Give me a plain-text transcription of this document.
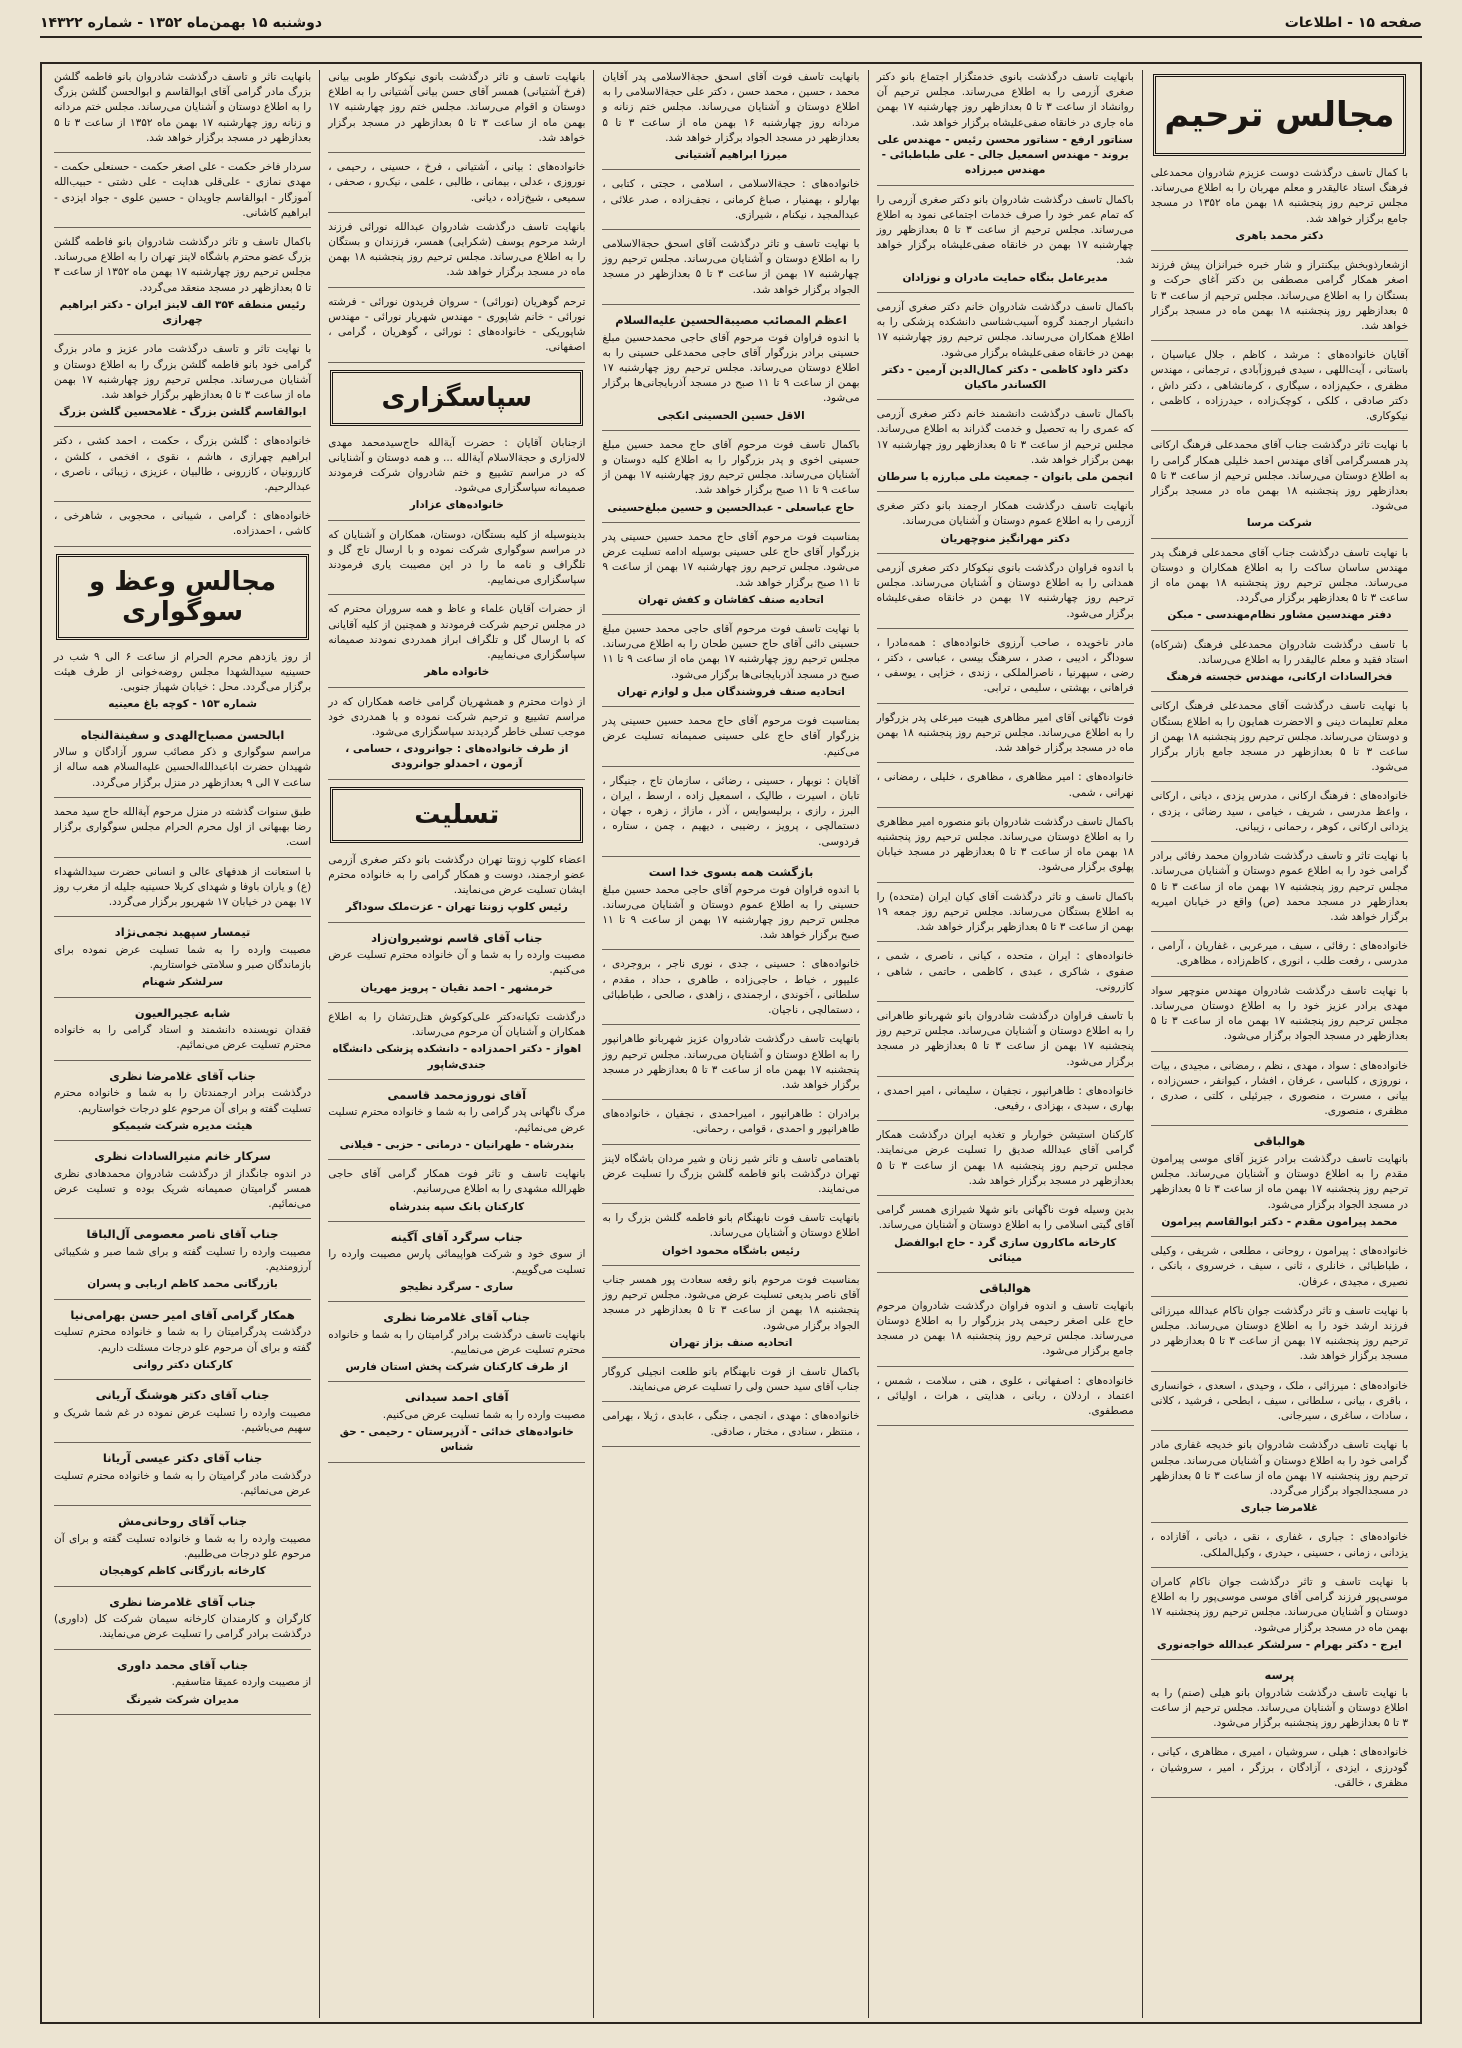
صفحه ۱۵ - اطلاعات
دوشنبه ۱۵ بهمن‌ماه ۱۳۵۲ - شماره ۱۴۳۲۲
مجالس ترحیم
با کمال تاسف درگذشت دوست عزیزم شادروان محمدعلی فرهنگ استاد عالیقدر و معلم مهربان را به اطلاع می‌رساند. مجلس ترحیم روز پنجشنبه ۱۸ بهمن ماه ۱۳۵۲ در مسجد جامع برگزار خواهد شد.
دکتر محمد باهری
ازشعارذوبخش بیکنتراز و شار خبره خبرانزان پیش فرزند اصغر همکار گرامی مصطفی بن دکتر آغای حرکت و بستگان را به اطلاع می‌رساند. مجلس ترحیم از ساعت ۳ تا ۵ بعدازظهر روز پنجشنبه ۱۸ بهمن ماه در مسجد برگزار خواهد شد.
آقایان خانواده‌های : مرشد ، کاظم ، جلال عباسیان ، باستانی ، آیت‌اللهی ، سیدی فیروزآبادی ، ترجمانی ، مهندس مظفری ، حکیم‌زاده ، سیگاری ، کرمانشاهی ، دکتر داش ، دکتر صادقی ، کلکی ، کوچک‌زاده ، حیدرزاده ، کاظمی ، نیکوکاری.
با نهایت تاثر درگذشت جناب آقای محمدعلی فرهنگ ارکانی پدر همسرگرامی آقای مهندس احمد خلیلی همکار گرامی را به اطلاع دوستان می‌رساند. مجلس ترحیم از ساعت ۳ تا ۵ بعدازظهر روز پنجشنبه ۱۸ بهمن ماه در مسجد برگزار می‌شود.
شرکت مرسا
با نهایت تاسف درگذشت جناب آقای محمدعلی فرهنگ پدر مهندس ساسان ساکت را به اطلاع همکاران و دوستان می‌رساند. مجلس ترحیم روز پنجشنبه ۱۸ بهمن ماه از ساعت ۳ تا ۵ بعدازظهر برگزار می‌گردد.
دفتر مهندسین مشاور نظام‌مهندسی - مبکن
با تاسف درگذشت شادروان محمدعلی فرهنگ (شرکاه) استاد فقید و معلم عالیقدر را به اطلاع می‌رساند.
فخرالسادات ارکانی، مهندس خجسته فرهنگ
با نهایت تاسف درگذشت آقای محمدعلی فرهنگ ارکانی معلم تعلیمات دینی و الاحضرت همایون را به اطلاع بستگان و دوستان می‌رساند. مجلس ترحیم روز پنجشنبه ۱۸ بهمن از ساعت ۳ تا ۵ بعدازظهر در مسجد جامع بازار برگزار می‌شود.
خانواده‌های : فرهنگ ارکانی ، مدرس یزدی ، دیانی ، ارکانی ، واعظ مدرسی ، شریف ، خیامی ، سید رضائی ، یزدی ، یزدانی ارکانی ، کوهر ، رحمانی ، زیبانی.
با نهایت تاثر و تاسف درگذشت شادروان محمد رفائی برادر گرامی خود را به اطلاع عموم دوستان و آشنایان می‌رساند. مجلس ترحیم روز پنجشنبه ۱۷ بهمن ماه از ساعت ۳ تا ۵ بعدازظهر در مسجد محمد (ص) واقع در خیابان امیریه برگزار خواهد شد.
خانواده‌های : رفائی ، سیف ، میرعربی ، غفاریان ، آرامی ، مدرسی ، رفعت طلب ، انوری ، کاظم‌زاده ، مظاهری.
با نهایت تاسف درگذشت شادروان مهندس منوچهر سواد مهدی برادر عزیز خود را به اطلاع دوستان می‌رساند. مجلس ترحیم روز پنجشنبه ۱۷ بهمن ماه از ساعت ۳ تا ۵ بعدازظهر در مسجد الجواد برگزار می‌شود.
خانواده‌های : سواد ، مهدی ، نظم ، رمضانی ، مجیدی ، بیات ، نوروزی ، کلباسی ، عرفان ، افشار ، کیوانفر ، حسن‌زاده ، بیانی ، مسرت ، منصوری ، جبرئیلی ، کلتی ، صدری ، مظفری ، منصوری.
هوالباقی
بانهایت تاسف درگذشت برادر عزیز آقای موسی پیرامون مقدم را به اطلاع دوستان و آشنایان می‌رساند. مجلس ترحیم روز پنجشنبه ۱۷ بهمن ماه از ساعت ۳ تا ۵ بعدازظهر در مسجد الجواد برگزار می‌شود.
محمد پیرامون مقدم - دکتر ابوالقاسم پیرامون
خانواده‌های : پیرامون ، روحانی ، مطلعی ، شریفی ، وکیلی ، طباطبائی ، خانلری ، ثانی ، سیف ، خرسروی ، بانکی ، نصیری ، مجیدی ، عرفان.
با نهایت تاسف و تاثر درگذشت جوان ناکام عبدالله میرزائی فرزند ارشد خود را به اطلاع دوستان می‌رساند. مجلس ترحیم روز پنجشنبه ۱۷ بهمن از ساعت ۳ تا ۵ بعدازظهر در مسجد برگزار خواهد شد.
خانواده‌های : میرزائی ، ملک ، وحیدی ، اسعدی ، خوانساری ، باقری ، بیانی ، سلطانی ، سیف ، ابطحی ، فرشید ، کلانی ، سادات ، ساغری ، سیرجانی.
با نهایت تاسف درگذشت شادروان بانو خدیجه غفاری مادر گرامی خود را به اطلاع دوستان و آشنایان می‌رساند. مجلس ترحیم روز پنجشنبه ۱۷ بهمن ماه از ساعت ۳ تا ۵ بعدازظهر در مسجدالجواد برگزار می‌گردد.
غلامرضا جباری
خانواده‌های : جباری ، غفاری ، نقی ، دیانی ، آقازاده ، یزدانی ، زمانی ، حسینی ، حیدری ، وکیل‌الملکی.
با نهایت تاسف و تاثر درگذشت جوان ناکام کامران موسی‌پور فرزند گرامی آقای موسی موسی‌پور را به اطلاع دوستان و آشنایان می‌رساند. مجلس ترحیم روز پنجشنبه ۱۷ بهمن ماه در مسجد برگزار می‌شود.
ایرج - دکتر بهرام - سرلشکر عبدالله خواجه‌نوری
پرسه
با نهایت تاسف درگذشت شادروان بانو هیلی (صنم) را به اطلاع دوستان و آشنایان می‌رساند. مجلس ترحیم از ساعت ۳ تا ۵ بعدازظهر روز پنجشنبه برگزار می‌شود.
خانواده‌های : هیلی ، سروشیان ، امیری ، مظاهری ، کیانی ، گودرزی ، ایزدی ، آزادگان ، برزگر ، امیر ، سروشیان ، مظفری ، خالقی.
بانهایت تاسف درگذشت بانوی خدمتگزار اجتماع بانو دکتر صغری آزرمی را به اطلاع می‌رساند. مجلس ترحیم آن روانشاد از ساعت ۳ تا ۵ بعدازظهر روز چهارشنبه ۱۷ بهمن ماه جاری در خانقاه صفی‌علیشاه برگزار خواهد شد.
سناتور ارفع - سناتور محسن رئیس - مهندس علی بروند - مهندس اسمعیل جالی - علی طباطبائی - مهندس میرزاده
باکمال تاسف درگذشت شادروان بانو دکتر صغری آزرمی را که تمام عمر خود را صرف خدمات اجتماعی نمود به اطلاع می‌رساند. مجلس ترحیم از ساعت ۳ تا ۵ بعدازظهر روز چهارشنبه ۱۷ بهمن در خانقاه صفی‌علیشاه برگزار خواهد شد.
مدیرعامل بنگاه حمایت مادران و نوزادان
باکمال تاسف درگذشت شادروان خانم دکتر صغری آزرمی دانشیار ارجمند گروه آسیب‌شناسی دانشکده پزشکی را به اطلاع همکاران می‌رساند. مجلس ترحیم روز چهارشنبه ۱۷ بهمن در خانقاه صفی‌علیشاه برگزار می‌شود.
دکتر داود کاظمی - دکتر کمال‌الدین آرمین - دکتر الکساندر ماکیان
باکمال تاسف درگذشت دانشمند خانم دکتر صغری آزرمی که عمری را به تحصیل و خدمت گذراند به اطلاع می‌رساند. مجلس ترحیم از ساعت ۳ تا ۵ بعدازظهر روز چهارشنبه ۱۷ بهمن برگزار خواهد شد.
انجمن ملی بانوان - جمعیت ملی مبارزه با سرطان
بانهایت تاسف درگذشت همکار ارجمند بانو دکتر صغری آزرمی را به اطلاع عموم دوستان و آشنایان می‌رساند.
دکتر مهرانگیز منوچهریان
با اندوه فراوان درگذشت بانوی نیکوکار دکتر صغری آزرمی همدانی را به اطلاع دوستان و آشنایان می‌رساند. مجلس ترحیم روز چهارشنبه ۱۷ بهمن در خانقاه صفی‌علیشاه برگزار می‌شود.
مادر ناخویده ، صاحب آرزوی خانواده‌های : همه‌مادرا ، سوداگر ، ادیبی ، صدر ، سرهنگ بیسی ، عباسی ، دکتر ، رضی ، سپهرنیا ، ناصرالملکی ، زندی ، خزایی ، یوسفی ، فراهانی ، بهشتی ، سلیمی ، ترابی.
فوت ناگهانی آقای امیر مظاهری هیبت میرعلی پدر بزرگوار را به اطلاع می‌رساند. مجلس ترحیم روز پنجشنبه ۱۸ بهمن ماه در مسجد برگزار خواهد شد.
خانواده‌های : امیر مظاهری ، مظاهری ، خلیلی ، رمضانی ، نهرانی ، شمی.
باکمال تاسف درگذشت شادروان بانو منصوره امیر مظاهری را به اطلاع دوستان می‌رساند. مجلس ترحیم روز پنجشنبه ۱۸ بهمن ماه از ساعت ۳ تا ۵ بعدازظهر در مسجد خیابان پهلوی برگزار می‌شود.
باکمال تاسف و تاثر درگذشت آقای کیان ایران (متحده) را به اطلاع بستگان می‌رساند. مجلس ترحیم روز جمعه ۱۹ بهمن از ساعت ۳ تا ۵ بعدازظهر برگزار خواهد شد.
خانواده‌های : ایران ، متحده ، کیانی ، ناصری ، شمی ، صفوی ، شاکری ، عبدی ، کاظمی ، حاتمی ، شاهی ، کازرونی.
با تاسف فراوان درگذشت شادروان بانو شهربانو طاهرانی را به اطلاع دوستان و آشنایان می‌رساند. مجلس ترحیم روز پنجشنبه ۱۷ بهمن از ساعت ۳ تا ۵ بعدازظهر در مسجد برگزار می‌شود.
خانواده‌های : طاهرانپور ، نجفیان ، سلیمانی ، امیر احمدی ، بهاری ، سیدی ، بهزادی ، رفیعی.
کارکنان استیشن خواربار و تغذیه ایران درگذشت همکار گرامی آقای عبدالله صدیق را تسلیت عرض می‌نمایند. مجلس ترحیم روز پنجشنبه ۱۸ بهمن از ساعت ۳ تا ۵ بعدازظهر در مسجد برگزار خواهد شد.
بدین وسیله فوت ناگهانی بانو شهلا شیرازی همسر گرامی آقای گیتی اسلامی را به اطلاع دوستان و آشنایان می‌رساند.
کارخانه ماکارون سازی گرد - حاج ابوالفضل مینائی
هوالباقی
بانهایت تاسف و اندوه فراوان درگذشت شادروان مرحوم حاج علی اصغر رحیمی پدر بزرگوار را به اطلاع دوستان می‌رساند. مجلس ترحیم روز پنجشنبه ۱۸ بهمن در مسجد جامع برگزار می‌شود.
خانواده‌های : اصفهانی ، علوی ، هنی ، سلامت ، شمس ، اعتماد ، اردلان ، ربانی ، هدایتی ، هرات ، اولیائی ، مصطفوی.
بانهایت تاسف فوت آقای اسحق حجة‌الاسلامی پدر آقایان محمد ، حسین ، محمد حسن ، دکتر علی حجة‌الاسلامی را به اطلاع دوستان و آشنایان می‌رساند. مجلس ختم زنانه و مردانه روز چهارشنبه ۱۶ بهمن ماه از ساعت ۳ تا ۵ بعدازظهر در مسجد الجواد برگزار خواهد شد.
میرزا ابراهیم آشتیانی
خانواده‌های : حجة‌الاسلامی ، اسلامی ، حجتی ، کتابی ، بهارلو ، بهمنیار ، صباغ کرمانی ، نجف‌زاده ، صدر علائی ، عبدالمجید ، نیکنام ، شیرازی.
با نهایت تاسف و تاثر درگذشت آقای اسحق حجة‌الاسلامی را به اطلاع دوستان و آشنایان می‌رساند. مجلس ترحیم روز چهارشنبه ۱۷ بهمن از ساعت ۳ تا ۵ بعدازظهر در مسجد الجواد برگزار خواهد شد.
اعظم المصائب مصیبة‌الحسین علیه‌السلام
با اندوه فراوان فوت مرحوم آقای حاجی محمدحسین مبلغ حسینی برادر بزرگوار آقای حاجی محمدعلی حسینی را به اطلاع دوستان می‌رساند. مجلس ترحیم روز چهارشنبه ۱۷ بهمن از ساعت ۹ تا ۱۱ صبح در مسجد آذربایجانی‌ها برگزار می‌شود.
الاقل حسین الحسینی انکجی
باکمال تاسف فوت مرحوم آقای حاج محمد حسین مبلغ حسینی اخوی و پدر بزرگوار را به اطلاع کلیه دوستان و آشنایان می‌رساند. مجلس ترحیم روز چهارشنبه ۱۷ بهمن از ساعت ۹ تا ۱۱ صبح برگزار خواهد شد.
حاج عباسعلی - عبدالحسین و حسین مبلغ‌حسینی
بمناسبت فوت مرحوم آقای حاج محمد حسین حسینی پدر بزرگوار آقای حاج علی حسینی بوسیله ادامه تسلیت عرض می‌شود. مجلس ترحیم روز چهارشنبه ۱۷ بهمن از ساعت ۹ تا ۱۱ صبح برگزار خواهد شد.
اتحادیه صنف کفاشان و کفش تهران
با نهایت تاسف فوت مرحوم آقای حاجی محمد حسین مبلغ حسینی دائی آقای حاج حسین طحان را به اطلاع می‌رساند. مجلس ترحیم روز چهارشنبه ۱۷ بهمن ماه از ساعت ۹ تا ۱۱ صبح در مسجد آذربایجانی‌ها برگزار می‌شود.
اتحادیه صنف فروشندگان مبل و لوازم تهران
بمناسبت فوت مرحوم آقای حاج محمد حسین حسینی پدر بزرگوار آقای حاج علی حسینی صمیمانه تسلیت عرض می‌کنیم.
آقایان : نوبهار ، حسینی ، رضائی ، سازمان تاج ، جنیگار ، تابان ، اسیرت ، طالیک ، اسمعیل زاده ، ارسط ، ایران ، البرز ، رازی ، برلیسوایس ، آذر ، مازاژ ، زهره ، جهان ، دستمالچی ، پرویز ، رضیبی ، دیهیم ، چمن ، ستاره ، فردوسی.
بازگشت همه بسوی خدا است
با اندوه فراوان فوت مرحوم آقای حاجی محمد حسین مبلغ حسینی را به اطلاع عموم دوستان و آشنایان می‌رساند. مجلس ترحیم روز چهارشنبه ۱۷ بهمن از ساعت ۹ تا ۱۱ صبح برگزار خواهد شد.
خانواده‌های : حسینی ، جدی ، نوری ناجر ، بروجردی ، علیپور ، خیاط ، حاجی‌زاده ، طاهری ، حداد ، مقدم ، سلطانی ، آخوندی ، ارجمندی ، زاهدی ، صالحی ، طباطبائی ، دستمالچی ، ناجیان.
بانهایت تاسف درگذشت شادروان عزیز شهربانو طاهرانپور را به اطلاع دوستان و آشنایان می‌رساند. مجلس ترحیم روز پنجشنبه ۱۷ بهمن ماه از ساعت ۳ تا ۵ بعدازظهر در مسجد برگزار خواهد شد.
برادران : طاهرانپور ، امیراحمدی ، نجفیان ، خانواده‌های طاهرانپور و احمدی ، قوامی ، رحمانی.
باهتمامی تاسف و تاثر شیر زنان و شیر مردان باشگاه لاینز تهران درگذشت بانو فاطمه گلشن بزرگ را تسلیت عرض می‌نمایند.
بانهایت تاسف فوت نابهنگام بانو فاطمه گلشن بزرگ را به اطلاع دوستان و آشنایان می‌رساند.
رئیس باشگاه محمود اخوان
بمناسبت فوت مرحوم بانو رفعه سعادت پور همسر جناب آقای ناصر بدیعی تسلیت عرض می‌شود. مجلس ترحیم روز پنجشنبه ۱۸ بهمن از ساعت ۳ تا ۵ بعدازظهر در مسجد الجواد برگزار می‌شود.
اتحادیه صنف بزاز تهران
باکمال تاسف از فوت نابهنگام بانو طلعت انجیلی کروگار جناب آقای سید حسن ولی را تسلیت عرض می‌نمایند.
خانواده‌های : مهدی ، انجمی ، جنگی ، عابدی ، ژیلا ، بهرامی ، منتظر ، سنادی ، مختار ، صادقی.
بانهایت تاسف و تاثر درگذشت بانوی نیکوکار طوبی بیانی (فرخ آشتیانی) همسر آقای حسن بیانی آشتیانی را به اطلاع دوستان و اقوام می‌رساند. مجلس ختم روز چهارشنبه ۱۷ بهمن ماه از ساعت ۳ تا ۵ بعدازظهر در مسجد برگزار خواهد شد.
خانواده‌های : بیانی ، آشتیانی ، فرخ ، حسینی ، رحیمی ، نوروزی ، عدلی ، بیمانی ، طالبی ، علمی ، نیک‌رو ، صحفی ، سمیعی ، شیخ‌زاده ، دیانی.
بانهایت تاسف درگذشت شادروان عبدالله نورائی فرزند ارشد مرحوم یوسف (شکرایی) همسر، فرزندان و بستگان را به اطلاع می‌رساند. مجلس ترحیم روز پنجشنبه ۱۸ بهمن ماه در مسجد برگزار خواهد شد.
ترحم گوهریان (نورائی) - سروان فریدون نورائی - فرشته نورائی - خانم شاپوری - مهندس شهریار نورائی - مهندس شاپوریکی - خانواده‌های : نورائی ، گوهریان ، گرامی ، اصفهانی.
سپاسگزاری
ازجنابان آقایان : حضرت آیةالله حاج‌سیدمحمد مهدی لاله‌زاری و حجة‌الاسلام آیةالله ... و همه دوستان و آشنایانی که در مراسم تشییع و ختم شادروان شرکت فرمودند صمیمانه سپاسگزاری می‌شود.
خانواده‌های عزادار
بدینوسیله از کلیه بستگان، دوستان، همکاران و آشنایان که در مراسم سوگواری شرکت نموده و با ارسال تاج گل و تلگراف و نامه ما را در این مصیبت یاری فرمودند سپاسگزاری می‌نماییم.
از حضرات آقایان علماء و عاظ و همه سروران محترم که در مجلس ترحیم شرکت فرمودند و همچنین از کلیه آقایانی که با ارسال گل و تلگراف ابراز همدردی نمودند صمیمانه سپاسگزاری می‌نماییم.
خانواده ماهر
از ذوات محترم و همشهریان گرامی خاصه همکاران که در مراسم تشییع و ترحیم شرکت نموده و با همدردی خود موجب تسلی خاطر گردیدند سپاسگزاری می‌شود.
از طرف خانواده‌های : جوانرودی ، حسامی ، آزمون ، احمدلو جوانرودی
تسلیت
اعضاء کلوپ زونتا تهران درگذشت بانو دکتر صغری آزرمی عضو ارجمند، دوست و همکار گرامی را به خانواده محترم ایشان تسلیت عرض می‌نمایند.
رئیس کلوپ زونتا تهران - عزت‌ملک سوداگر
جناب آقای قاسم نوشیروان‌زاد
مصیبت وارده را به شما و آن خانواده محترم تسلیت عرض می‌کنیم.
خرمشهر - احمد نقیان - پرویز مهریان
درگذشت تکیانه‌دکتر علی‌کوکوش هتل‌رتشان را به اطلاع همکاران و آشنایان آن مرحوم می‌رساند.
اهواز - دکتر احمدزاده - دانشکده پزشکی دانشگاه جندی‌شاپور
آقای نوروزمحمد قاسمی
مرگ ناگهانی پدر گرامی را به شما و خانواده محترم تسلیت عرض می‌نمائیم.
بندرشاه - طهرانیان - درمانی - حزبی - فیلانی
بانهایت تاسف و تاثر فوت همکار گرامی آقای حاجی ظهرالله مشهدی را به اطلاع می‌رسانیم.
کارکنان بانک سپه بندرشاه
جناب سرگرد آقای آگینه
از سوی خود و شرکت هواپیمائی پارس مصیبت وارده را تسلیت می‌گوییم.
ساری - سرگرد نظیجو
جناب آقای غلامرضا نظری
بانهایت تاسف درگذشت برادر گرامیتان را به شما و خانواده محترم تسلیت عرض می‌نماییم.
از طرف کارکنان شرکت پخش استان فارس
آقای احمد سیدانی
مصیبت وارده را به شما تسلیت عرض می‌کنیم.
خانواده‌های خدائی - آذرپرستان - رحیمی - حق شناس
بانهایت تاثر و تاسف درگذشت شادروان بانو فاطمه گلشن بزرگ مادر گرامی آقای ابوالقاسم و ابوالحسن گلشن بزرگ را به اطلاع دوستان و آشنایان می‌رساند. مجلس ختم مردانه و زنانه روز چهارشنبه ۱۷ بهمن ماه ۱۳۵۲ از ساعت ۳ تا ۵ بعدازظهر در مسجد برگزار خواهد شد.
سردار فاخر حکمت - علی اصغر حکمت - حسنعلی حکمت - مهدی نمازی - علی‌قلی هدایت - علی دشتی - حبیب‌الله آموزگار - ابوالقاسم جاویدان - حسین علوی - جواد ایزدی - ابراهیم کاشانی.
باکمال تاسف و تاثر درگذشت شادروان بانو فاطمه گلشن بزرگ عضو محترم باشگاه لاینز تهران را به اطلاع می‌رساند. مجلس ترحیم روز چهارشنبه ۱۷ بهمن ماه ۱۳۵۲ از ساعت ۳ تا ۵ بعدازظهر در مسجد منعقد می‌گردد.
رئیس منطقه ۳۵۴ الف لاینز ایران - دکتر ابراهیم چهرازی
با نهایت تاثر و تاسف درگذشت مادر عزیز و مادر بزرگ گرامی خود بانو فاطمه گلشن بزرگ را به اطلاع دوستان و آشنایان می‌رساند. مجلس ترحیم روز چهارشنبه ۱۷ بهمن ماه از ساعت ۳ تا ۵ بعدازظهر برگزار خواهد شد.
ابوالقاسم گلشن بزرگ - غلامحسین گلشن بزرگ
خانواده‌های : گلشن بزرگ ، حکمت ، احمد کشی ، دکتر ابراهیم چهرازی ، هاشم ، نقوی ، افخمی ، کلشن ، کازرونیان ، کازرونی ، طالبیان ، عزیزی ، زیبائی ، ناصری ، عبدالرحیم.
خانواده‌های : گرامی ، شیبانی ، محجوبی ، شاهرخی ، کاشی ، احمدزاده.
مجالس وعظ و سوگواری
از روز یازدهم محرم الحرام از ساعت ۶ الی ۹ شب در حسینیه سیدالشهدا مجلس روضه‌خوانی از طرف هیئت برگزار می‌گردد. محل : خیابان شهباز جنوبی.
شماره ۱۵۳ - کوچه باغ معینیه
ابالحسن مصباح‌الهدی و سفینةالنجاه
مراسم سوگواری و ذکر مصائب سرور آزادگان و سالار شهیدان حضرت ابا‌عبدالله‌الحسین علیه‌السلام همه ساله از ساعت ۷ الی ۹ بعدازظهر در منزل برگزار می‌گردد.
طبق سنوات گذشته در منزل مرحوم آیةالله حاج سید محمد رضا بهبهانی از اول محرم الحرام مجلس سوگواری برگزار است.
با استعانت از هدفهای عالی و انسانی حضرت سیدالشهداء (ع) و یاران باوفا و شهدای کربلا حسینیه جلیله از مغرب روز ۱۷ بهمن در خیابان ۱۷ شهریور برگزار می‌گردد.
تیمسار سپهبد نجمی‌نژاد
مصیبت وارده را به شما تسلیت عرض نموده برای بازماندگان صبر و سلامتی خواستاریم.
سرلشکر شهنام
شابه عجیرالعیون
فقدان نویسنده دانشمند و استاد گرامی را به خانواده محترم تسلیت عرض می‌نمائیم.
جناب آقای غلامرضا نظری
درگذشت برادر ارجمندتان را به شما و خانواده محترم تسلیت گفته و برای آن مرحوم علو درجات خواستاریم.
هیئت مدیره شرکت شیمیکو
سرکار خانم منیرالسادات نظری
در اندوه جانگداز از درگذشت شادروان محمدهادی نظری همسر گرامیتان صمیمانه شریک بوده و تسلیت عرض می‌نمائیم.
جناب آقای ناصر معصومی آل‌الباقا
مصیبت وارده را تسلیت گفته و برای شما صبر و شکیبائی آرزومندیم.
بازرگانی محمد کاظم اربابی و پسران
همکار گرامی آقای امیر حسن بهرامی‌نیا
درگذشت پدرگرامیتان را به شما و خانواده محترم تسلیت گفته و برای آن مرحوم علو درجات مسئلت داریم.
کارکنان دکتر روانی
جناب آقای دکتر هوشنگ آریانی
مصیبت وارده را تسلیت عرض نموده در غم شما شریک و سهیم می‌باشیم.
جناب آقای دکتر عیسی آریانا
درگذشت مادر گرامیتان را به شما و خانواده محترم تسلیت عرض می‌نمائیم.
جناب آقای روحانی‌مش
مصیبت وارده را به شما و خانواده تسلیت گفته و برای آن مرحوم علو درجات می‌طلبیم.
کارخانه بازرگانی کاظم کوهیجان
جناب آقای غلامرضا نظری
کارگران و کارمندان کارخانه سیمان شرکت کل (داوری) درگذشت برادر گرامی را تسلیت عرض می‌نمایند.
جناب آقای محمد داوری
از مصیبت وارده عمیقا متاسفیم.
مدیران شرکت شیرنگ
